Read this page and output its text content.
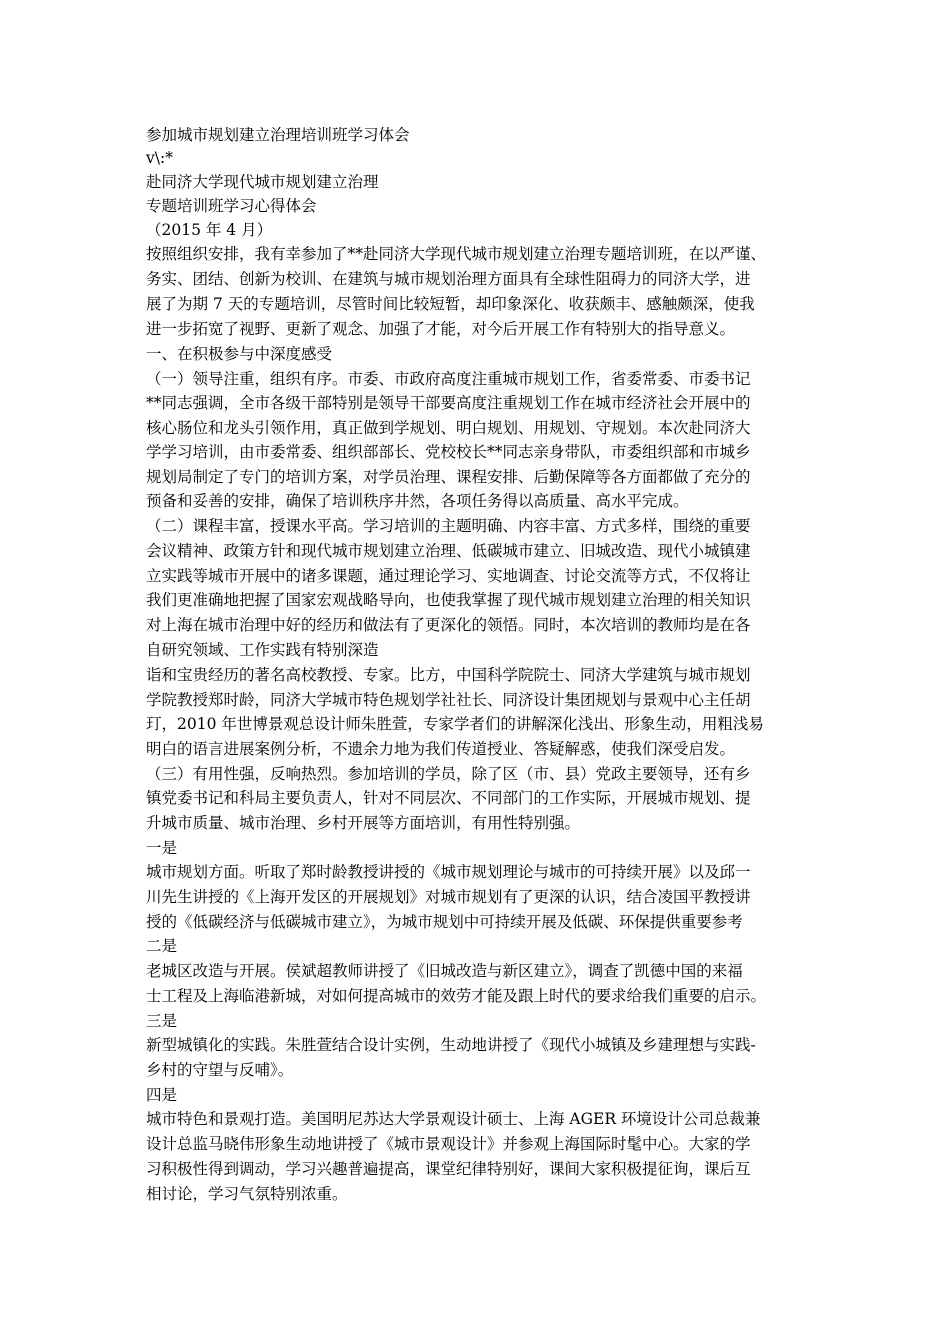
参加城市规划建立治理培训班学习体会
v\:*
赴同济大学现代城市规划建立治理
专题培训班学习心得体会
（2015 年 4 月）
按照组织安排，我有幸参加了**赴同济大学现代城市规划建立治理专题培训班，在以严谨、
务实、团结、创新为校训、在建筑与城市规划治理方面具有全球性阻碍力的同济大学，进
展了为期 7 天的专题培训，尽管时间比较短暂，却印象深化、收获颇丰、感触颇深，使我
进一步拓宽了视野、更新了观念、加强了才能，对今后开展工作有特别大的指导意义。
一、在积极参与中深度感受
（一）领导注重，组织有序。市委、市政府高度注重城市规划工作，省委常委、市委书记
**同志强调，全市各级干部特别是领导干部要高度注重规划工作在城市经济社会开展中的
核心肠位和龙头引领作用，真正做到学规划、明白规划、用规划、守规划。本次赴同济大
学学习培训，由市委常委、组织部部长、党校校长**同志亲身带队，市委组织部和市城乡
规划局制定了专门的培训方案，对学员治理、课程安排、后勤保障等各方面都做了充分的
预备和妥善的安排，确保了培训秩序井然，各项任务得以高质量、高水平完成。
（二）课程丰富，授课水平高。学习培训的主题明确、内容丰富、方式多样，围绕的重要
会议精神、政策方针和现代城市规划建立治理、低碳城市建立、旧城改造、现代小城镇建
立实践等城市开展中的诸多课题，通过理论学习、实地调查、讨论交流等方式，不仅将让
我们更准确地把握了国家宏观战略导向，也使我掌握了现代城市规划建立治理的相关知识
对上海在城市治理中好的经历和做法有了更深化的领悟。同时，本次培训的教师均是在各
自研究领域、工作实践有特别深造
诣和宝贵经历的著名高校教授、专家。比方，中国科学院院士、同济大学建筑与城市规划
学院教授郑时龄，同济大学城市特色规划学社社长、同济设计集团规划与景观中心主任胡
玎，2010 年世博景观总设计师朱胜萱，专家学者们的讲解深化浅出、形象生动，用粗浅易
明白的语言进展案例分析，不遗余力地为我们传道授业、答疑解惑，使我们深受启发。
（三）有用性强，反响热烈。参加培训的学员，除了区（市、县）党政主要领导，还有乡
镇党委书记和科局主要负责人，针对不同层次、不同部门的工作实际，开展城市规划、提
升城市质量、城市治理、乡村开展等方面培训，有用性特别强。
一是
城市规划方面。听取了郑时龄教授讲授的《城市规划理论与城市的可持续开展》以及邱一
川先生讲授的《上海开发区的开展规划》对城市规划有了更深的认识，结合凌国平教授讲
授的《低碳经济与低碳城市建立》，为城市规划中可持续开展及低碳、环保提供重要参考
二是
老城区改造与开展。侯斌超教师讲授了《旧城改造与新区建立》，调查了凯德中国的来福
士工程及上海临港新城，对如何提高城市的效劳才能及跟上时代的要求给我们重要的启示。
三是
新型城镇化的实践。朱胜萱结合设计实例，生动地讲授了《现代小城镇及乡建理想与实践-
乡村的守望与反哺》。
四是
城市特色和景观打造。美国明尼苏达大学景观设计硕士、上海 AGER 环境设计公司总裁兼
设计总监马晓伟形象生动地讲授了《城市景观设计》并参观上海国际时髦中心。大家的学
习积极性得到调动，学习兴趣普遍提高，课堂纪律特别好，课间大家积极提征询，课后互
相讨论，学习气氛特别浓重。
